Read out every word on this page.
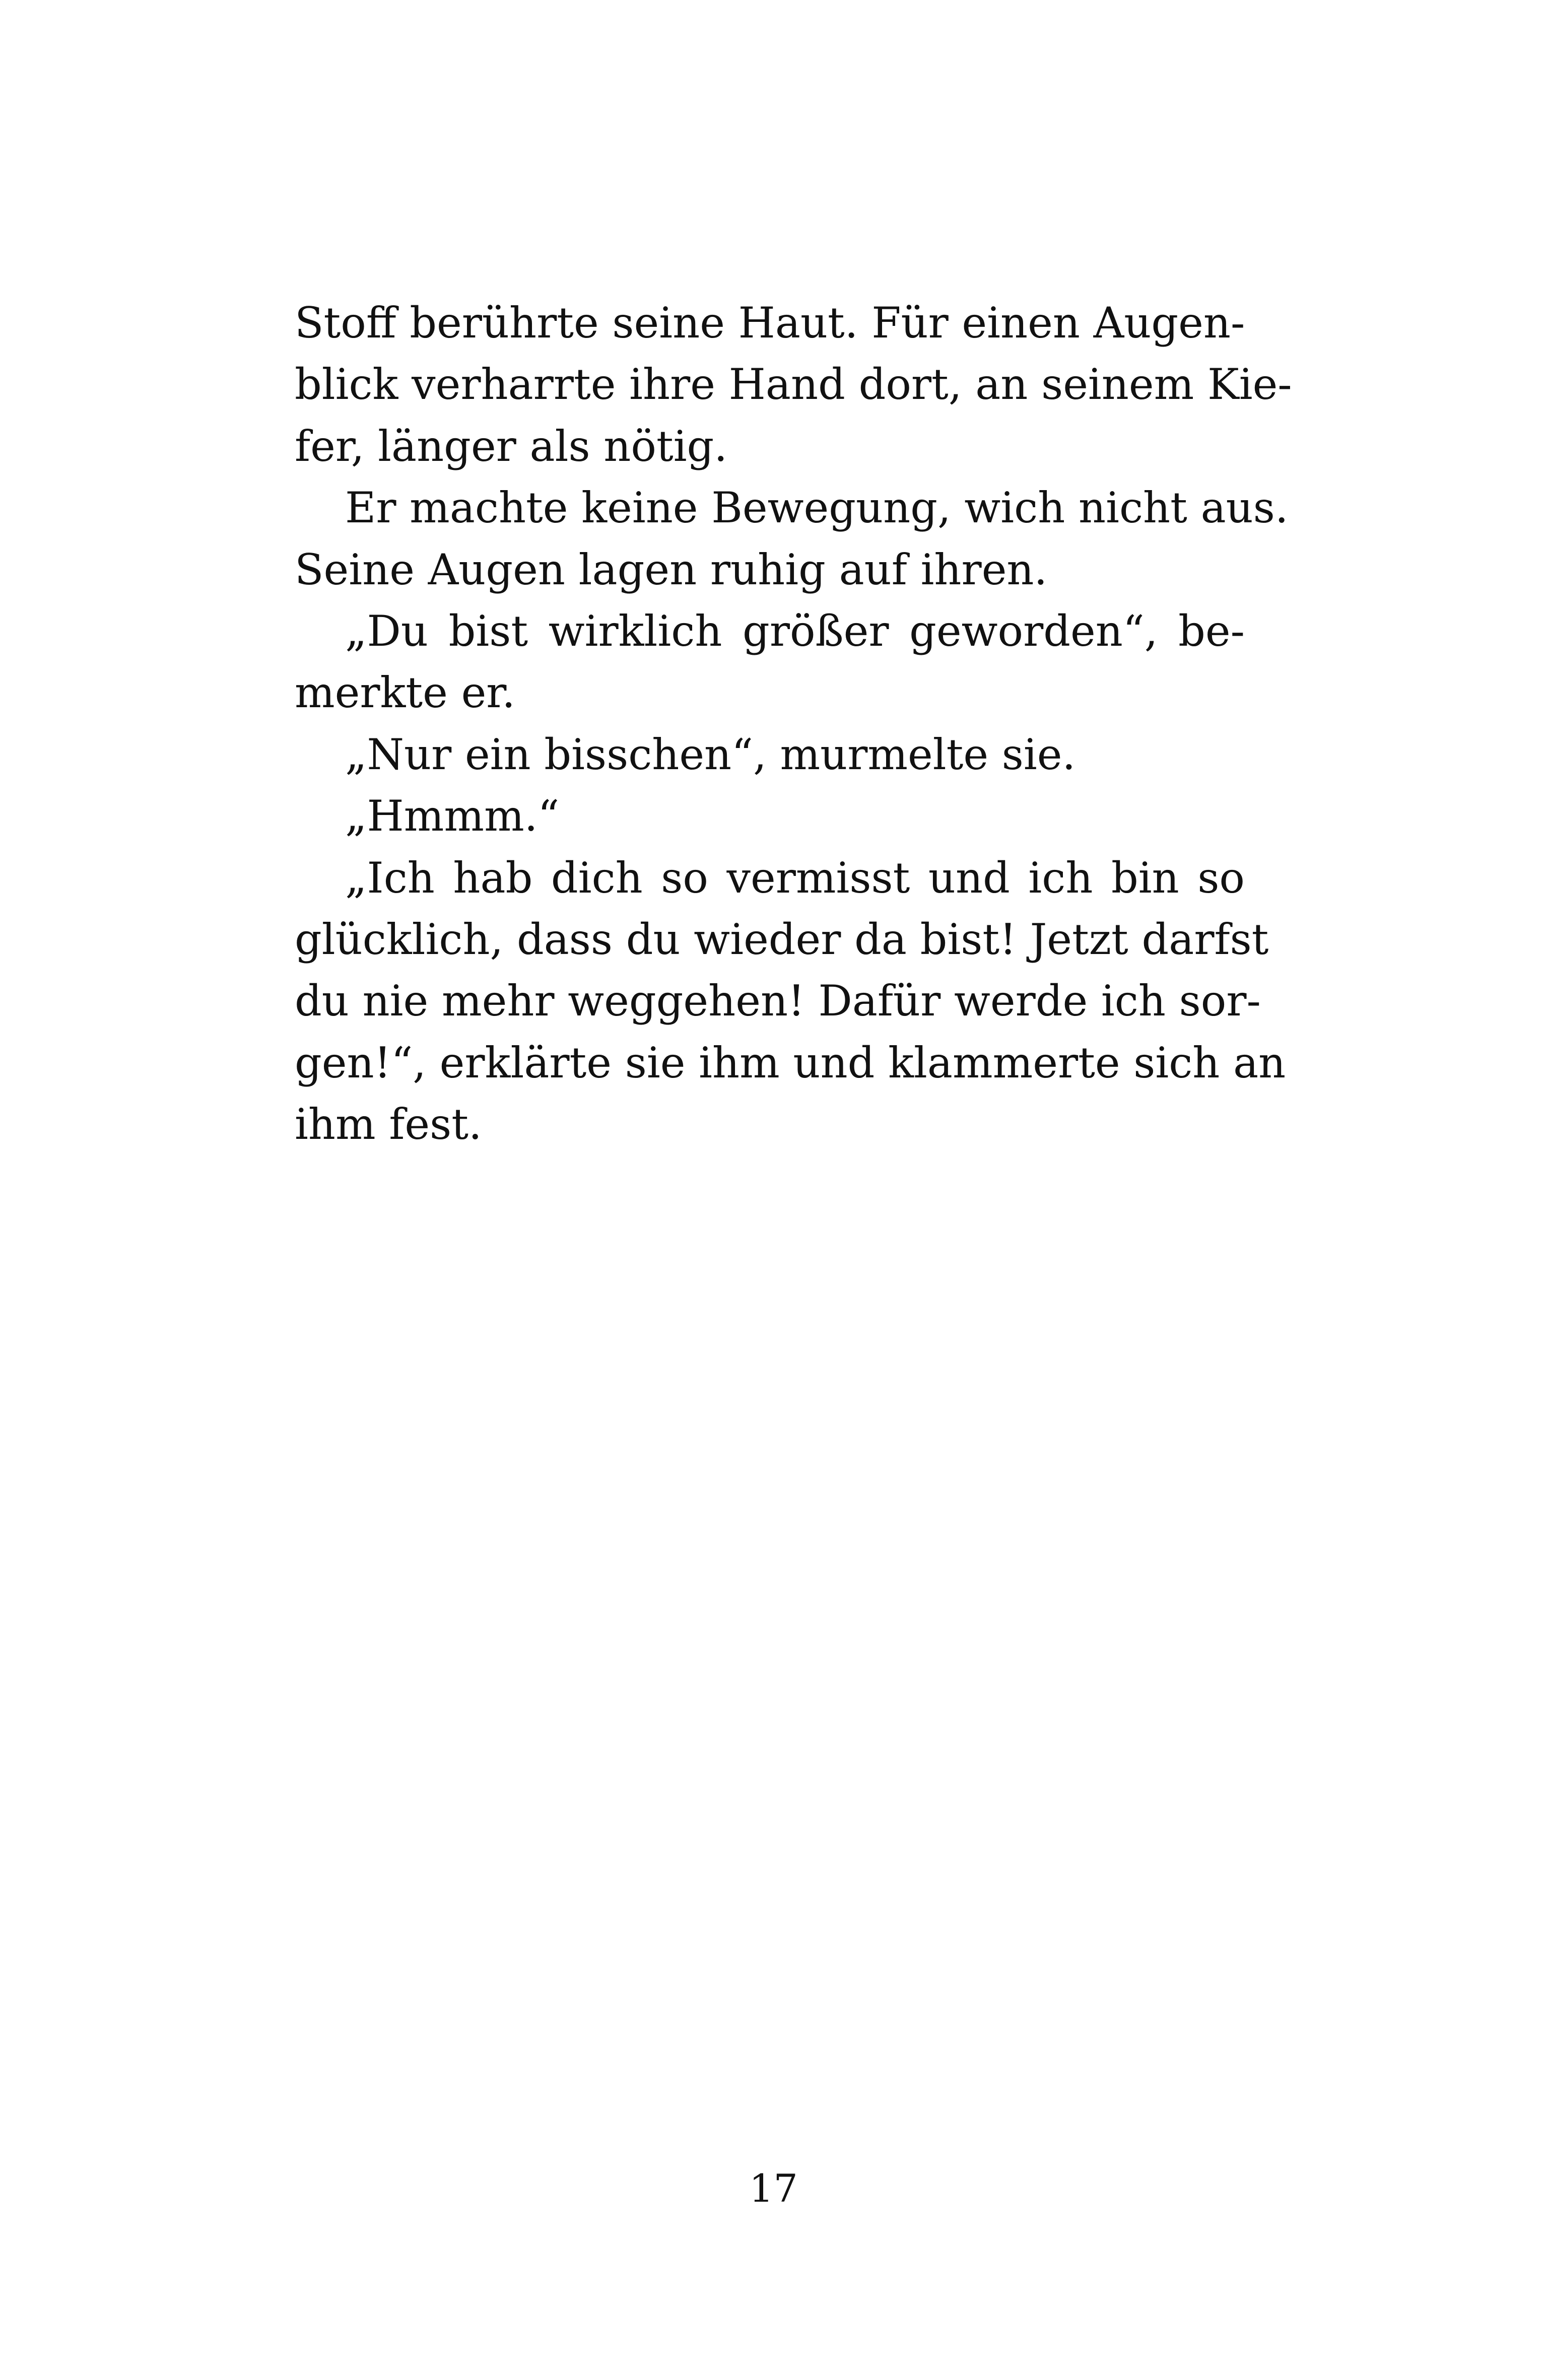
Stoff berührte seine Haut. Für einen Augen-
blick verharrte ihre Hand dort, an seinem Kie-
fer, länger als nötig.
Er machte keine Bewegung, wich nicht aus.
Seine Augen lagen ruhig auf ihren.
„Du bist wirklich größer geworden“, be-
merkte er.
„Nur ein bisschen“, murmelte sie.
„Hmmm.“
„Ich hab dich so vermisst und ich bin so
glücklich, dass du wieder da bist! Jetzt darfst
du nie mehr weggehen! Dafür werde ich sor-
gen!“, erklärte sie ihm und klammerte sich an
ihm fest.
17
